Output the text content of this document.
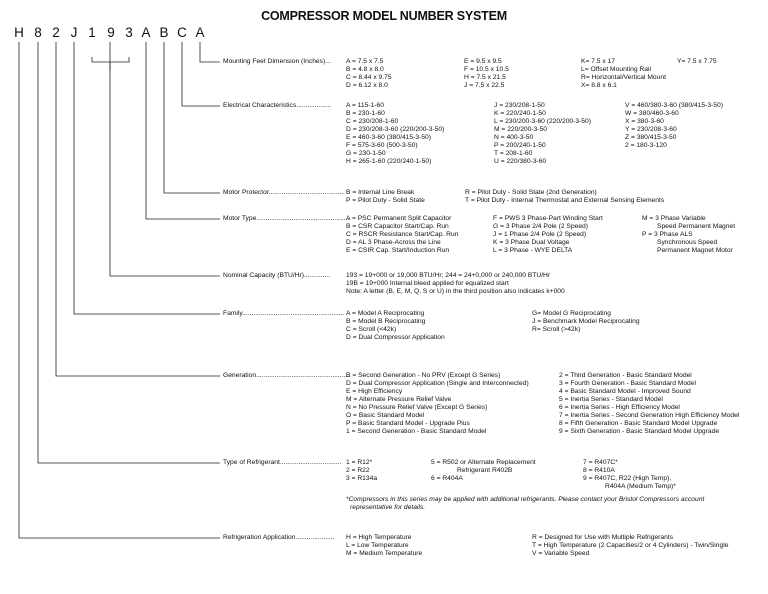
COMPRESSOR MODEL NUMBER SYSTEM
H 8 2 J 1 9 3 A B C A
Mounting Feet Dimension (Inches)... A = 7.5 x 7.5
B = 4.8 x 8.0
C = 8.44 x 9.75
D = 6.12 x 8.0
E = 9.5 x 9.5
F = 10.5 x 10.5
H = 7.5 x 21.5
J = 7.5 x 22.5
K= 7.5 x 17
L= Offset Mounting Rail
R= Horizontal/Vertical Mount
X= 8.8 x 6.1
Y= 7.5 x 7.75
Electrical Characteristics................... A = 115-1-60
B = 230-1-60
C = 230/208-1-60
D = 230/208-3-60 (220/200-3-50)
E = 460-3-60 (380/415-3-50)
F = 575-3-60 (500-3-50)
G = 230-1-50
H = 265-1-60 (220/240-1-50)
J = 230/208-1-50
K = 220/240-1-50
L = 230/200-3-60 (220/200-3-50)
M = 220/200-3-50
N = 400-3-50
P = 200/240-1-50
T = 208-1-60
U = 220/380-3-60
V = 460/380-3-60 (380/415-3-50)
W = 380/460-3-60
X = 380-3-60
Y = 230/208-3-60
Z = 380/415-3-50
2 = 180-3-120
Motor Protector......................................... B = Internal Line Break
P = Pilot Duty - Solid State
R = Pilot Duty - Solid State (2nd Generation)
T = Pilot Duty - Internal Thermostat and External Sensing Elements
Motor Type..................................................
A = PSC Permanent Split Capacitor
B = CSR Capacitor Start/Cap. Run
C = RSCR Resistance Start/Cap. Run
D = AL 3 Phase-Across the Line
E = CSIR Cap. Start/Induction Run
F = PWS 3 Phase-Part Winding Start
G = 3 Phase 2/4 Pole (2 Speed)
J = 1 Phase 2/4 Pole (2 Speed)
K = 3 Phase Dual Voltage
L = 3 Phase - WYE DELTA
M = 3 Phase Variable
Speed Permanent Magnet
P = 3 Phase ALS
Synchronous Speed
Permanent Magnet Motor
Nominal Capacity (BTU/Hr).............. 193 = 19+000 or 19,000 BTU/Hr; 244 = 24+0,000 or 240,000 BTU/Hr
19B = 19+000 Internal bleed applied for equalized start
Note: A letter (B, E, M, Q, S or U) in the third position also indicates k+000
Family....................................................... A = Model A Reciprocating
B = Model B Reciprocating
C = Scroll (<42k)
D = Dual Compressor Application
G= Model G Reciprocating
J = Benchmark Model Reciprocating
R= Scroll (>42k)
Generation...................................................
B = Second Generation - No PRV (Except G Series)
D = Dual Compressor Application (Single and Interconnected)
E = High Efficiency
M = Alternate Pressure Relief Valve
N = No Pressure Relief Valve (Except G Series)
O = Basic Standard Model
P = Basic Standard Model - Upgrade Plus
1 = Second Generation - Basic Standard Model
2 = Third Generation - Basic Standard Model
3 = Fourth Generation - Basic Standard Model
4 = Basic Standard Model - Improved Sound
5 = Inertia Series - Standard Model
6 = Inertia Series - High Efficiency Model
7 = Inertia Series - Second Generation High Efficiency Model
8 = Fifth Generation - Basic Standard Model Upgrade
9 = Sixth Generation - Basic Standard Model Upgrade
Type of Refrigerant................................. 1 = R12*
2 = R22
3 = R134a
5 = R502 or Alternate Replacement
Refrigerant R402B
6 = R404A
7 = R407C*
8 = R410A
9 = R407C, R22 (High Temp),
R404A (Medium Temp)*
*Compressors in this series may be applied with additional refrigerants. Please contact your Bristol Compressors account
representative for details.
Refrigeration Application..................... H = High Temperature
L = Low Temperature
M = Medium Temperature
R = Designed for Use with Multiple Refrigerants
T = High Temperature (2 Capacities/2 or 4 Cylinders) - Twin/Single
V = Variable Speed
